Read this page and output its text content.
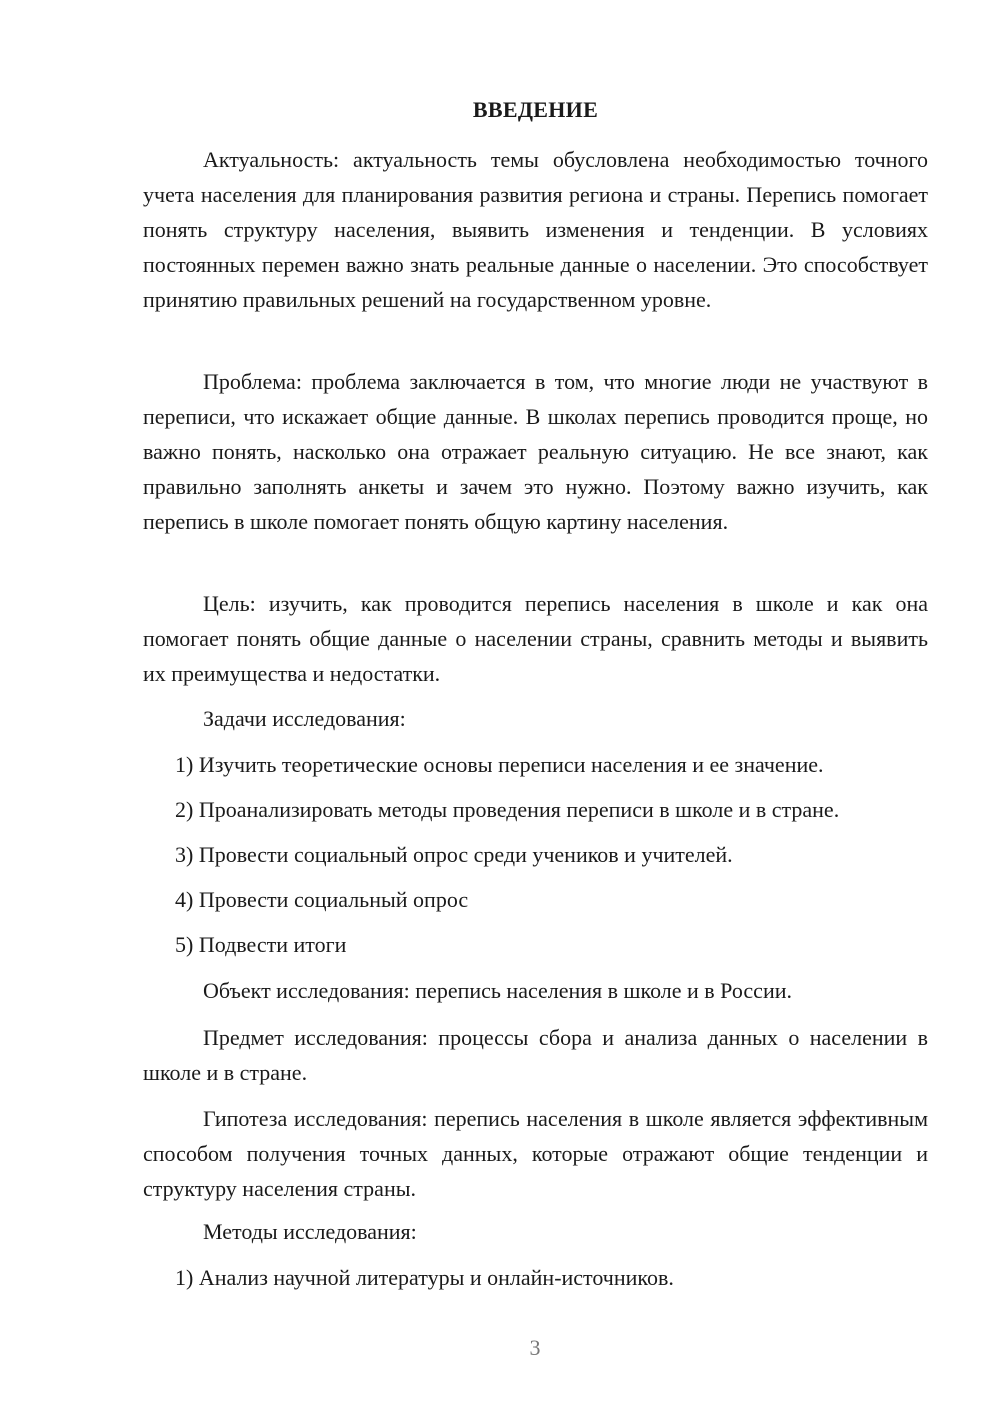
ВВЕДЕНИЕ

Актуальность: актуальность темы обусловлена необходимостью точного учета населения для планирования развития региона и страны. Перепись помогает понять структуру населения, выявить изменения и тенденции. В условиях постоянных перемен важно знать реальные данные о населении. Это способствует принятию правильных решений на государственном уровне.

Проблема: проблема заключается в том, что многие люди не участвуют в переписи, что искажает общие данные. В школах перепись проводится проще, но важно понять, насколько она отражает реальную ситуацию. Не все знают, как правильно заполнять анкеты и зачем это нужно. Поэтому важно изучить, как перепись в школе помогает понять общую картину населения.

Цель: изучить, как проводится перепись населения в школе и как она помогает понять общие данные о населении страны, сравнить методы и выявить их преимущества и недостатки.

Задачи исследования:
1) Изучить теоретические основы переписи населения и ее значение.
2) Проанализировать методы проведения переписи в школе и в стране.
3) Провести социальный опрос среди учеников и учителей.
4) Провести социальный опрос
5) Подвести итоги
Объект исследования: перепись населения в школе и в России.

Предмет исследования: процессы сбора и анализа данных о населении в школе и в стране.

Гипотеза исследования: перепись населения в школе является эффективным способом получения точных данных, которые отражают общие тенденции и структуру населения страны.

Методы исследования:
1) Анализ научной литературы и онлайн-источников.
3
